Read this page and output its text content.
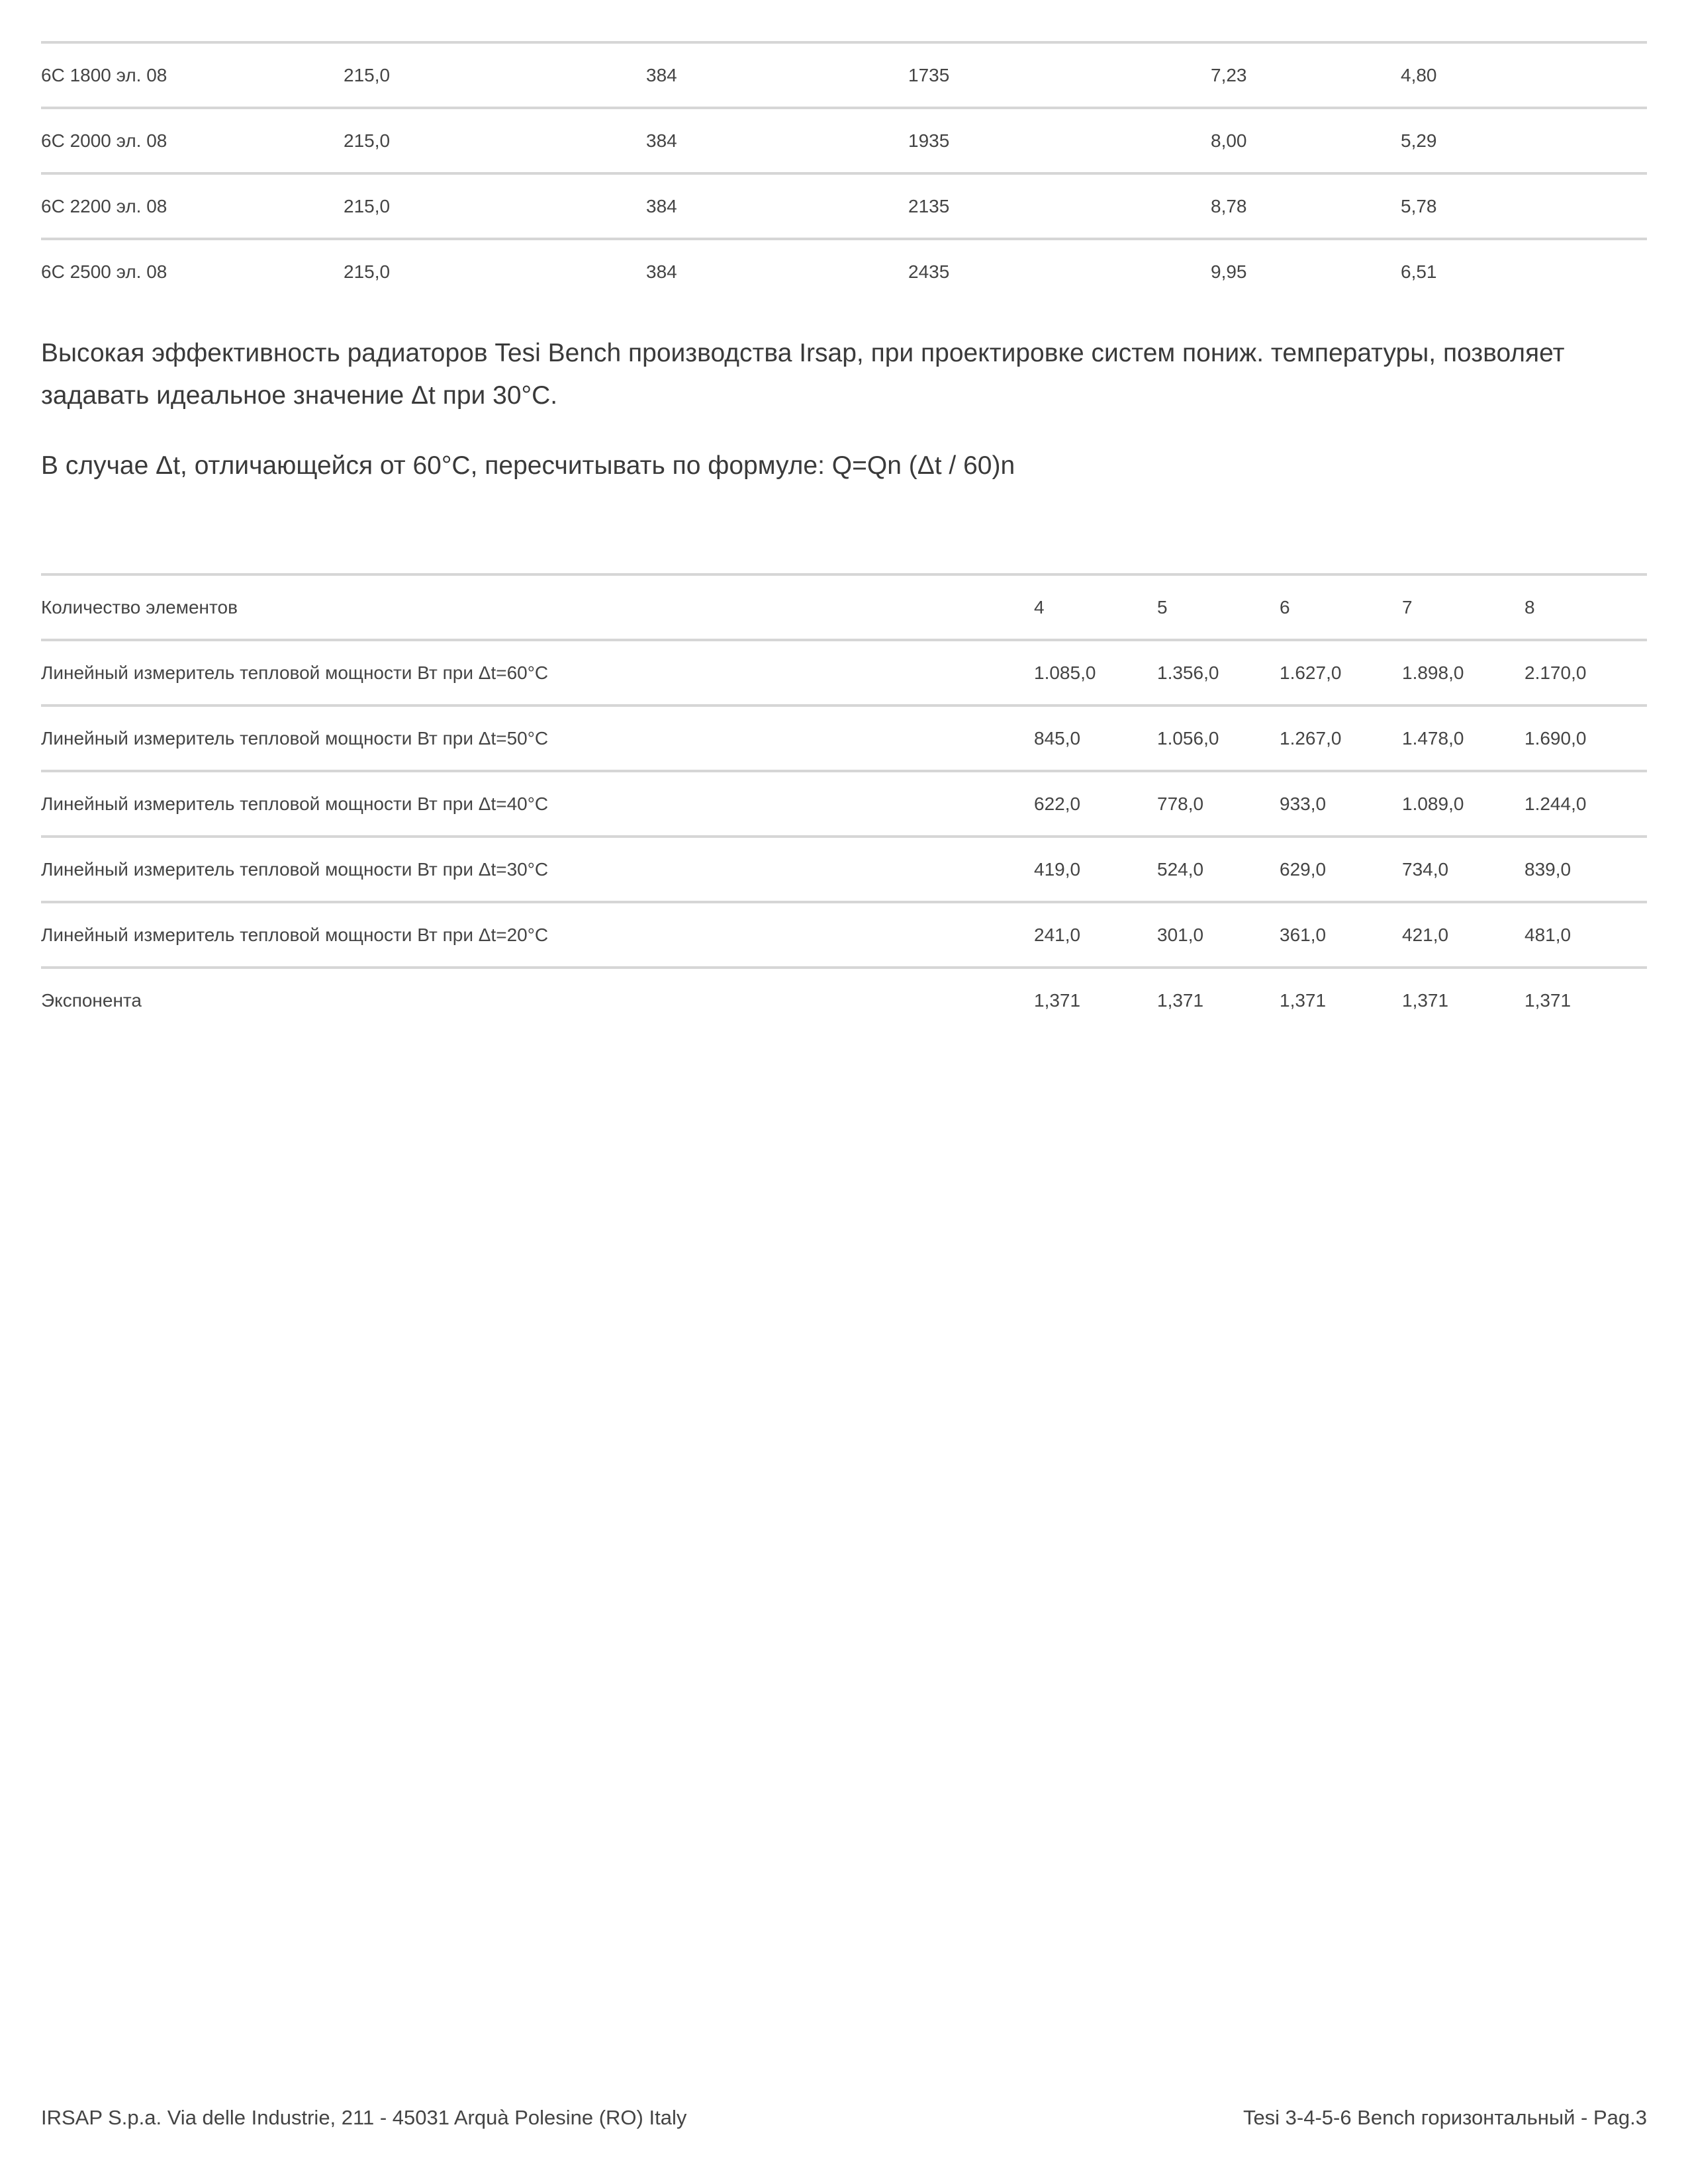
6C 1800 эл. 08	215,0	384	1735	7,23	4,80
6C 2000 эл. 08	215,0	384	1935	8,00	5,29
6C 2200 эл. 08	215,0	384	2135	8,78	5,78
6C 2500 эл. 08	215,0	384	2435	9,95	6,51

Высокая эффективность радиаторов Tesi Bench производства Irsap, при проектировке систем пониж. температуры, позволяет задавать идеальное значение Δt при 30°С.

В случае Δt, отличающейся от 60°С, пересчитывать по формуле: Q=Qn (Δt / 60)n

Количество элементов	4	5	6	7	8
Линейный измеритель тепловой мощности Вт при Δt=60°С	1.085,0	1.356,0	1.627,0	1.898,0	2.170,0
Линейный измеритель тепловой мощности Вт при Δt=50°С	845,0	1.056,0	1.267,0	1.478,0	1.690,0
Линейный измеритель тепловой мощности Вт при Δt=40°С	622,0	778,0	933,0	1.089,0	1.244,0
Линейный измеритель тепловой мощности Вт при Δt=30°С	419,0	524,0	629,0	734,0	839,0
Линейный измеритель тепловой мощности Вт при Δt=20°С	241,0	301,0	361,0	421,0	481,0
Экспонента	1,371	1,371	1,371	1,371	1,371
IRSAP S.p.a. Via delle Industrie, 211 - 45031 Arquà Polesine (RO) Italy	Tesi 3-4-5-6 Bench горизонтальный - Pag.3
